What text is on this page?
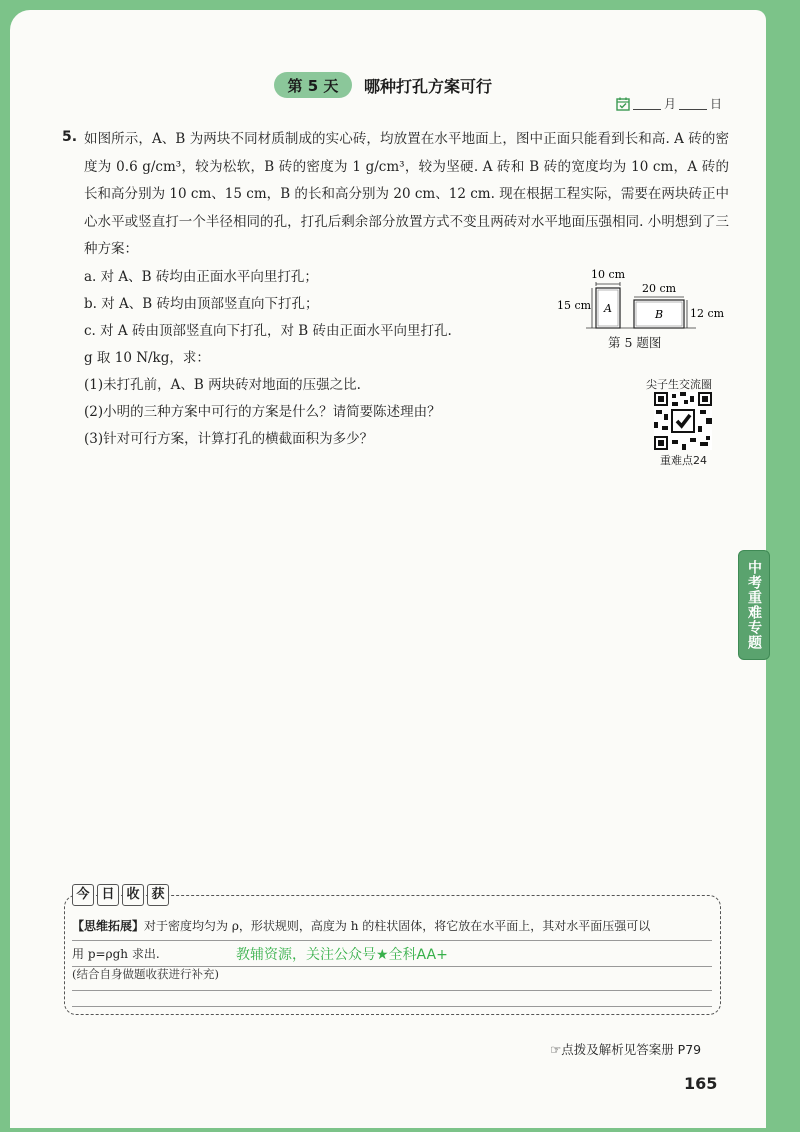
第 5 天	哪种打孔方案可行
月	日
5. 如图所示，A、B 为两块不同材质制成的实心砖，均放置在水平地面上，图中正面只能看到长和高. A 砖的密度为 0.6 g/cm³，较为松软，B 砖的密度为 1 g/cm³，较为坚硬. A 砖和 B 砖的宽度均为 10 cm，A 砖的长和高分别为 10 cm、15 cm，B 的长和高分别为 20 cm、12 cm. 现在根据工程实际，需要在两块砖正中心水平或竖直打一个半径相同的孔，打孔后剩余部分放置方式不变且两砖对水平地面压强相同. 小明想到了三种方案：

a. 对 A、B 砖均由正面水平向里打孔；
b. 对 A、B 砖均由顶部竖直向下打孔；
c. 对 A 砖由顶部竖直向下打孔，对 B 砖由正面水平向里打孔.
g 取 10 N/kg，求：
(1)未打孔前，A、B 两块砖对地面的压强之比.
(2)小明的三种方案中可行的方案是什么？请简要陈述理由？
(3)针对可行方案，计算打孔的横截面积为多少？
10 cm
15 cm A
20 cm
B 12 cm
第 5 题图
尖子生交流圈
重难点24
中考重难专题
今 日 收 获
【思维拓展】对于密度均匀为 ρ，形状规则，高度为 h 的柱状固体，将它放在水平面上，其对水平面压强可以
用 p=ρgh 求出.	教辅资源，关注公众号★全科AA+
(结合自身做题收获进行补充)
☞点拨及解析见答案册 P79
165
